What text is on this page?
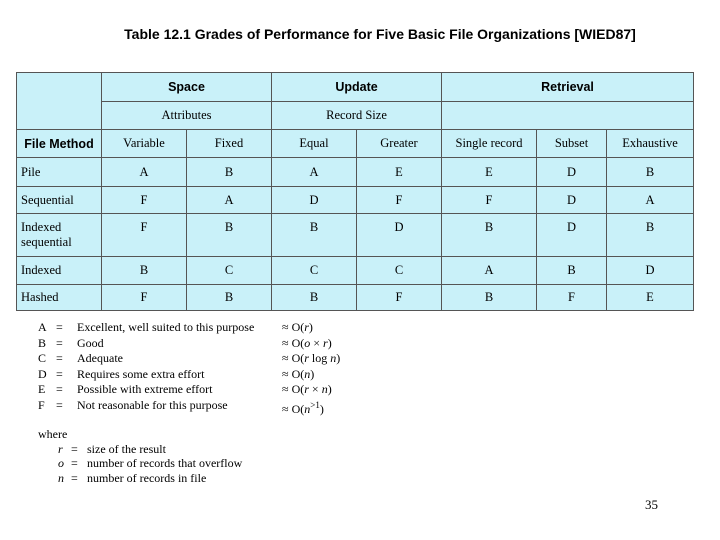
Table 12.1 Grades of Performance for Five Basic File Organizations [WIED87]
	Space		Update		Retrieval		
	Attributes		Record Size				
File Method	Variable	Fixed	Equal	Greater	Single record	Subset	Exhaustive
Pile	A	B	A	E	E	D	B
Sequential	F	A	D	F	F	D	A
Indexed
sequential	F	B	B	D	B	D	B
Indexed	B	C	C	C	A	B	D
Hashed	F	B	B	F	B	F	E
A = Excellent, well suited to this purpose ≈ O(r)
B = Good	≈ O(o × r)
C = Adequate	≈ O(r log n)
D = Requires some extra effort	≈ O(n)
E = Possible with extreme effort	≈ O(r × n)
F = Not reasonable for this purpose	≈ $O(n^{>1})$
where
r = size of the result
o = number of records that overflow
n = number of records in file
35
